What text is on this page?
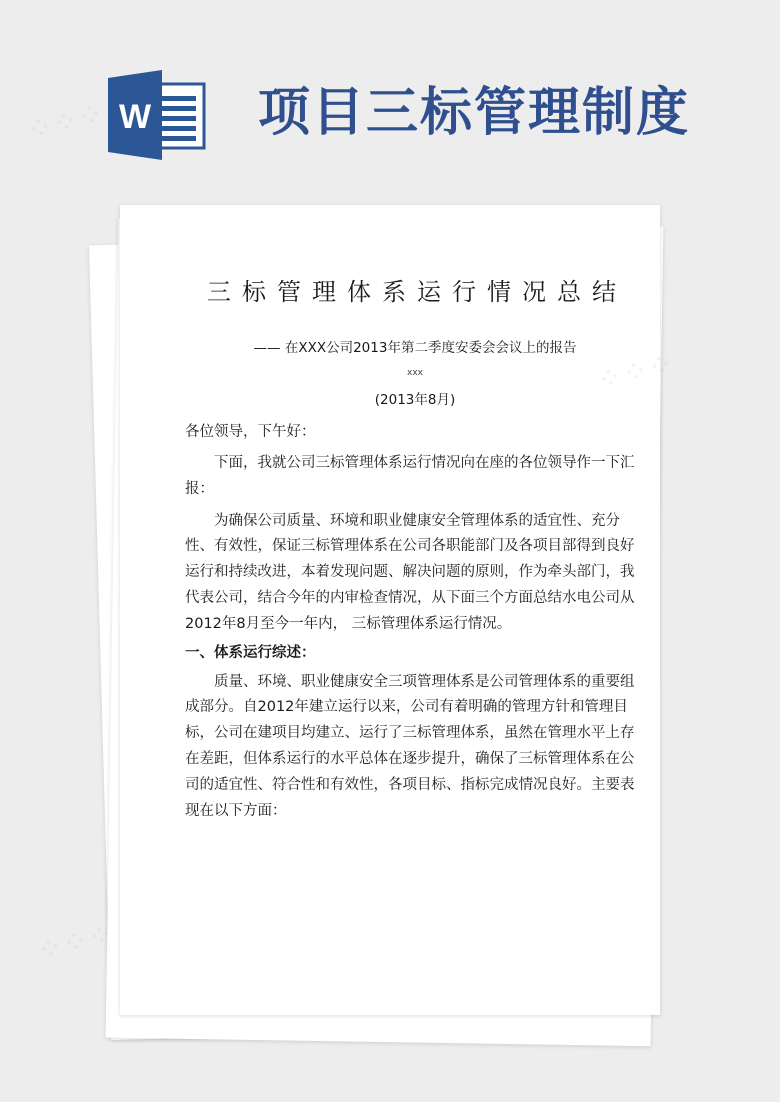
W 项目三标管理制度
三标管理体系运行情况总结
—— 在XXX公司2013年第二季度安委会会议上的报告
xxx
(2013年8月)
各位领导，下午好：

下面，我就公司三标管理体系运行情况向在座的各位领导作一下汇报：

为确保公司质量、环境和职业健康安全管理体系的适宜性、充分性、有效性，保证三标管理体系在公司各职能部门及各项目部得到良好运行和持续改进，本着发现问题、解决问题的原则，作为牵头部门，我代表公司，结合今年的内审检查情况，从下面三个方面总结水电公司从2012年8月至今一年内， 三标管理体系运行情况。

一、体系运行综述：

质量、环境、职业健康安全三项管理体系是公司管理体系的重要组成部分。自2012年建立运行以来，公司有着明确的管理方针和管理目标，公司在建项目均建立、运行了三标管理体系，虽然在管理水平上存在差距，但体系运行的水平总体在逐步提升，确保了三标管理体系在公司的适宜性、符合性和有效性，各项目标、指标完成情况良好。主要表现在以下方面：

⁘ ⁘ ⁘
⁘ ⁘ ⁘
